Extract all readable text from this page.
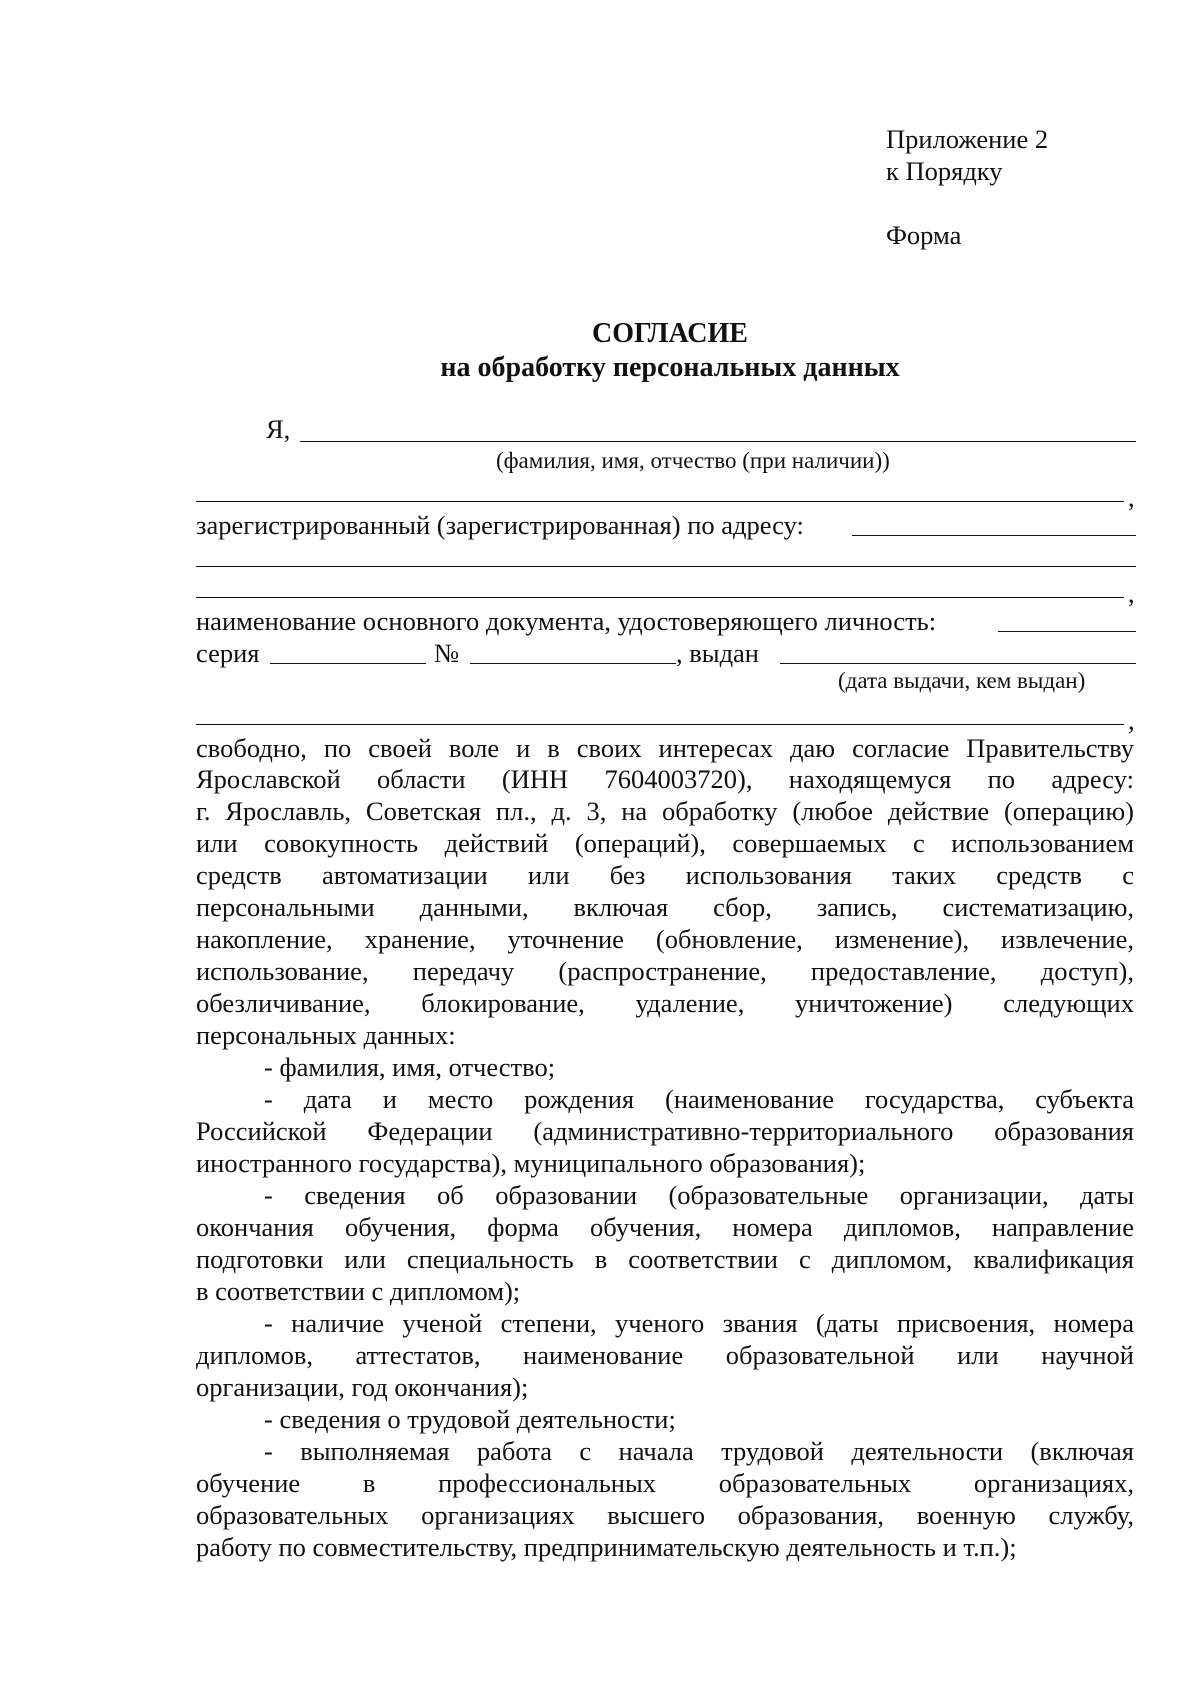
Приложение 2
к Порядку
Форма
СОГЛАСИЕ
на обработку персональных данных
Я,
(фамилия, имя, отчество (при наличии))
,
зарегистрированный (зарегистрированная) по адресу:
,
наименование основного документа, удостоверяющего личность:
серия	№	, выдан
(дата выдачи, кем выдан)
,
свободно, по своей воле и в своих интересах даю согласие Правительству
Ярославской области (ИНН 7604003720), находящемуся по адресу:
г. Ярославль, Советская пл., д. 3, на обработку (любое действие (операцию)
или совокупность действий (операций), совершаемых с использованием
средств автоматизации или без использования таких средств с
персональными данными, включая сбор, запись, систематизацию,
накопление, хранение, уточнение (обновление, изменение), извлечение,
использование, передачу (распространение, предоставление, доступ),
обезличивание, блокирование, удаление, уничтожение) следующих
персональных данных:
- фамилия, имя, отчество;
- дата и место рождения (наименование государства, субъекта
Российской Федерации (административно-территориального образования
иностранного государства), муниципального образования);
- сведения об образовании (образовательные организации, даты
окончания обучения, форма обучения, номера дипломов, направление
подготовки или специальность в соответствии с дипломом, квалификация
в соответствии с дипломом);
- наличие ученой степени, ученого звания (даты присвоения, номера
дипломов, аттестатов, наименование образовательной или научной
организации, год окончания);
- сведения о трудовой деятельности;
- выполняемая работа с начала трудовой деятельности (включая
обучение в профессиональных образовательных организациях,
образовательных организациях высшего образования, военную службу,
работу по совместительству, предпринимательскую деятельность и т.п.);
